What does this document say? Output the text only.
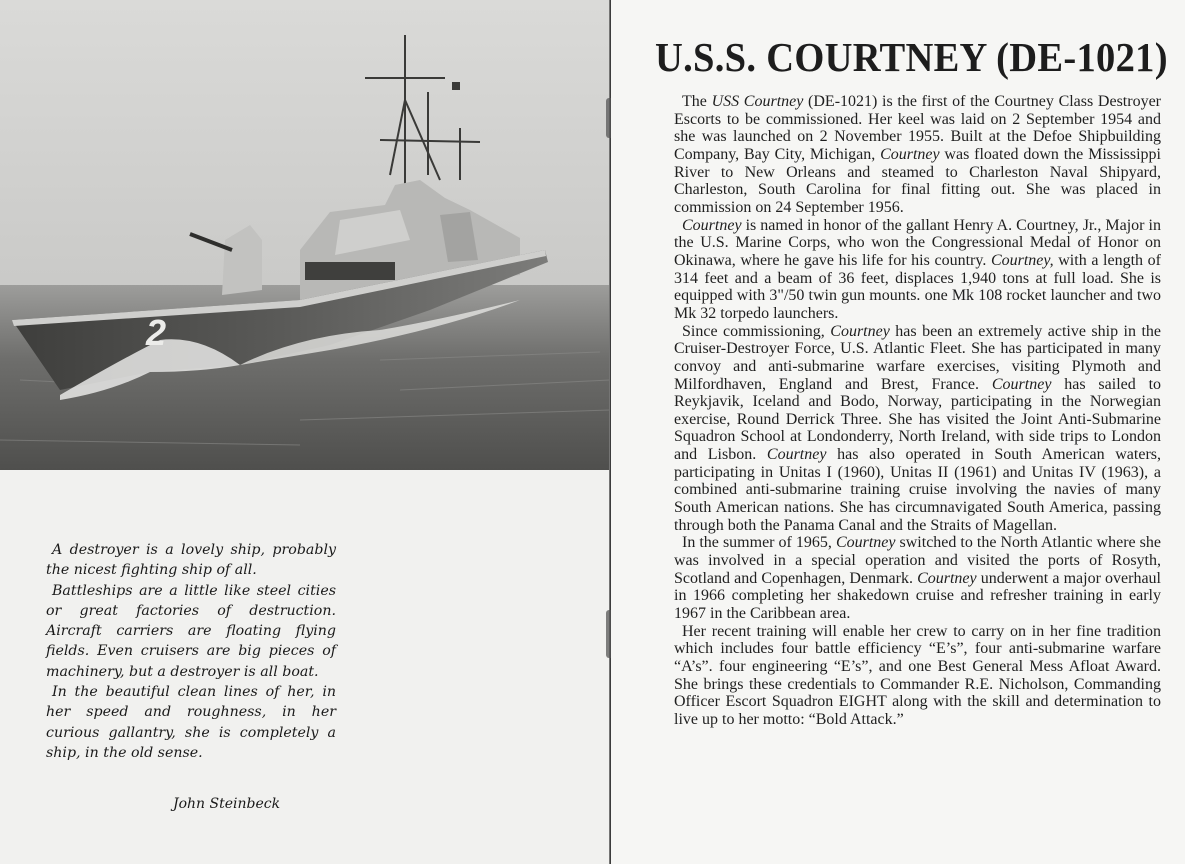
2

A destroyer is a lovely ship, probably the nicest fighting ship of all.

Battleships are a little like steel cities or great factories of destruction. Aircraft carriers are floating flying fields. Even cruisers are big pieces of machinery, but a destroyer is all boat.

In the beautiful clean lines of her, in her speed and roughness, in her curious gallantry, she is completely a ship, in the old sense.

John Steinbeck
U.S.S. COURTNEY (DE-1021)

The USS Courtney (DE-1021) is the first of the Courtney Class Destroyer Escorts to be commissioned. Her keel was laid on 2 September 1954 and she was launched on 2 November 1955. Built at the Defoe Shipbuilding Company, Bay City, Michigan, Courtney was floated down the Mississippi River to New Orleans and steamed to Charleston Naval Shipyard, Charleston, South Carolina for final fitting out. She was placed in commission on 24 September 1956.

Courtney is named in honor of the gallant Henry A. Courtney, Jr., Major in the U.S. Marine Corps, who won the Congressional Medal of Honor on Okinawa, where he gave his life for his country. Courtney, with a length of 314 feet and a beam of 36 feet, displaces 1,940 tons at full load. She is equipped with 3"/50 twin gun mounts. one Mk 108 rocket launcher and two Mk 32 torpedo launchers.

Since commissioning, Courtney has been an extremely active ship in the Cruiser-Destroyer Force, U.S. Atlantic Fleet. She has participated in many convoy and anti-submarine warfare exercises, visiting Plymoth and Milfordhaven, England and Brest, France. Courtney has sailed to Reykjavik, Iceland and Bodo, Norway, participating in the Norwegian exercise, Round Derrick Three. She has visited the Joint Anti-Submarine Squadron School at Londonderry, North Ireland, with side trips to London and Lisbon. Courtney has also operated in South American waters, participating in Unitas I (1960), Unitas II (1961) and Unitas IV (1963), a combined anti-submarine training cruise involving the navies of many South American nations. She has circumnavigated South America, passing through both the Panama Canal and the Straits of Magellan.

In the summer of 1965, Courtney switched to the North Atlantic where she was involved in a special operation and visited the ports of Rosyth, Scotland and Copenhagen, Denmark. Courtney underwent a major overhaul in 1966 completing her shakedown cruise and refresher training in early 1967 in the Caribbean area.

Her recent training will enable her crew to carry on in her fine tradition which includes four battle efficiency “E’s”, four anti-submarine warfare “A’s”. four engineering “E’s”, and one Best General Mess Afloat Award. She brings these credentials to Commander R.E. Nicholson, Commanding Officer Escort Squadron EIGHT along with the skill and determination to live up to her motto: “Bold Attack.”
